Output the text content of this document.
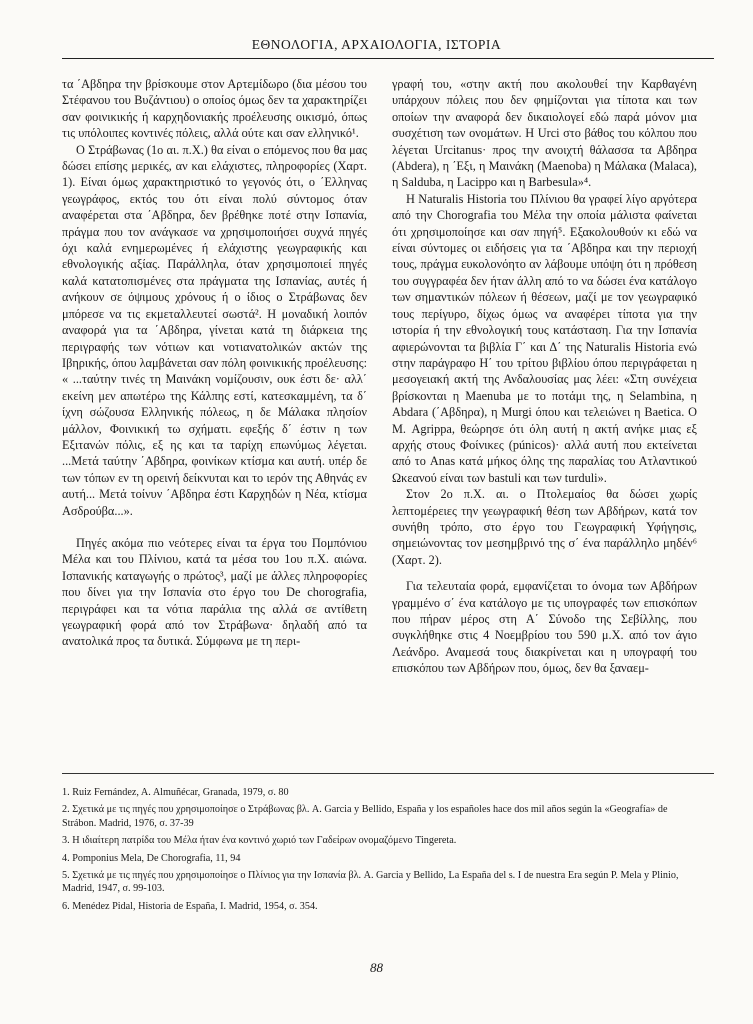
ΕΘΝΟΛΟΓΙΑ, ΑΡΧΑΙΟΛΟΓΙΑ, ΙΣΤΟΡΙΑ

τα ΄Αβδηρα την βρίσκουμε στον Αρτεμίδωρο (δια μέσου του Στέφανου του Βυζάντιου) ο οποίος όμως δεν τα χαρακτηρίζει σαν φοινικικής ή καρχηδονιακής προέλευσης οικισμό, όπως τις υπόλοιπες κοντινές πόλεις, αλλά ούτε και σαν ελληνικό¹.

Ο Στράβωνας (1ο αι. π.Χ.) θα είναι ο επόμενος που θα μας δώσει επίσης μερικές, αν και ελάχιστες, πληροφορίες (Χαρτ. 1). Είναι όμως χαρακτηριστικό το γεγονός ότι, ο ΄Ελληνας γεωγράφος, εκτός του ότι είναι πολύ σύντομος όταν αναφέρεται στα ΄Αβδηρα, δεν βρέθηκε ποτέ στην Ισπανία, πράγμα που τον ανάγκασε να χρησιμοποιήσει συχνά πηγές όχι καλά ενημερωμένες ή ελάχιστης γεωγραφικής και εθνολογικής αξίας. Παράλληλα, όταν χρησιμοποιεί πηγές καλά κατατοπισμένες στα πράγματα της Ισπανίας, αυτές ή ανήκουν σε όψιμους χρόνους ή ο ίδιος ο Στράβωνας δεν μπόρεσε να τις εκμεταλλευτεί σωστά². Η μοναδική λοιπόν αναφορά για τα ΄Αβδηρα, γίνεται κατά τη διάρκεια της περιγραφής των νότιων και νοτιανατολικών ακτών της Ιβηρικής, όπου λαμβάνεται σαν πόλη φοινικικής προέλευσης: « ...ταύτην τινές τη Μαινάκη νομίζουσιν, ουκ έστι δε· αλλ΄ εκείνη μεν απωτέρω της Κάλπης εστί, κατεσκαμμένη, τα δ΄ ίχνη σώζουσα Ελληνικής πόλεως, η δε Μάλακα πλησίον μάλλον, Φοινικική τω σχήματι. εφεξής δ΄ έστιν η των Εξιτανών πόλις, εξ ης και τα ταρίχη επωνύμως λέγεται. ...Μετά ταύτην ΄Αβδηρα, φοινίκων κτίσμα και αυτή. υπέρ δε των τόπων εν τη ορεινή δείκνυται και το ιερόν της Αθηνάς εν αυτή... Μετά τοίνυν ΄Αβδηρα έστι Καρχηδών η Νέα, κτίσμα Ασδρούβα...».

Πηγές ακόμα πιο νεότερες είναι τα έργα του Πομπόνιου Μέλα και του Πλίνιου, κατά τα μέσα του 1ου π.Χ. αιώνα. Ισπανικής καταγωγής ο πρώτος³, μαζί με άλλες πληροφορίες που δίνει για την Ισπανία στο έργο του De chorografia, περιγράφει και τα νότια παράλια της αλλά σε αντίθετη γεωγραφική φορά από τον Στράβωνα· δηλαδή από τα ανατολικά προς τα δυτικά. Σύμφωνα με τη περι-

γραφή του, «στην ακτή που ακολουθεί την Καρθαγένη υπάρχουν πόλεις που δεν φημίζονται για τίποτα και των οποίων την αναφορά δεν δικαιολογεί εδώ παρά μόνον μια συσχέτιση των ονομάτων. Η Urci στο βάθος του κόλπου που λέγεται Urcitanus· προς την ανοιχτή θάλασσα τα Αβδηρα (Abdera), η ΄Εξι, η Μαινάκη (Maenoba) η Μάλακα (Malaca), η Salduba, η Lacippo και η Barbesula»⁴.

Η Naturalis Historia του Πλίνιου θα γραφεί λίγο αργότερα από την Chorografia του Μέλα την οποία μάλιστα φαίνεται ότι χρησιμοποίησε και σαν πηγή⁵. Εξακολουθούν κι εδώ να είναι σύντομες οι ειδήσεις για τα ΄Αβδηρα και την περιοχή τους, πράγμα ευκολονόητο αν λάβουμε υπόψη ότι η πρόθεση του συγγραφέα δεν ήταν άλλη από το να δώσει ένα κατάλογο των σημαντικών πόλεων ή θέσεων, μαζί με τον γεωγραφικό τους περίγυρο, δίχως όμως να αναφέρει τίποτα για την ιστορία ή την εθνολογική τους κατάσταση. Για την Ισπανία αφιερώνονται τα βιβλία Γ΄ και Δ΄ της Naturalis Historia ενώ στην παράγραφο Η΄ του τρίτου βιβλίου όπου περιγράφεται η μεσογειακή ακτή της Ανδαλουσίας μας λέει: «Στη συνέχεια βρίσκονται η Maenuba με το ποτάμι της, η Selambina, η Abdara (΄Αβδηρα), η Murgi όπου και τελειώνει η Baetica. Ο Μ. Agrippa, θεώρησε ότι όλη αυτή η ακτή ανήκε μιας εξ αρχής στους Φοίνικες (púnicos)· αλλά αυτή που εκτείνεται από το Anas κατά μήκος όλης της παραλίας του Ατλαντικού Ωκεανού είναι των bastuli και των turduli».

Στον 2ο π.Χ. αι. ο Πτολεμαίος θα δώσει χωρίς λεπτομέρειες την γεωγραφική θέση των Αβδήρων, κατά τον συνήθη τρόπο, στο έργο του Γεωγραφική Υφήγησις, σημειώνοντας τον μεσημβρινό της σ΄ ένα παράλληλο μηδέν⁶ (Χαρτ. 2).

Για τελευταία φορά, εμφανίζεται το όνομα των Αβδήρων γραμμένο σ΄ ένα κατάλογο με τις υπογραφές των επισκόπων που πήραν μέρος στη Α΄ Σύνοδο της Σεβίλλης, που συγκλήθηκε στις 4 Νοεμβρίου του 590 μ.Χ. από τον άγιο Λεάνδρο. Αναμεσά τους διακρίνεται και η υπογραφή του επισκόπου των Αβδήρων που, όμως, δεν θα ξαναεμ-

1. Ruiz Fernández, A. Almuñécar, Granada, 1979, σ. 80
2. Σχετικά με τις πηγές που χρησιμοποίησε ο Στράβωνας βλ. A. Garcia y Bellido, España y los españoles hace dos mil años según la «Geografía» de Strábon. Madrid, 1976, σ. 37-39
3. Η ιδιαίτερη πατρίδα του Μέλα ήταν ένα κοντινό χωριό των Γαδείρων ονομαζόμενο Tingereta.
4. Pomponius Mela, De Chorografia, 11, 94
5. Σχετικά με τις πηγές που χρησιμοποίησε ο Πλίνιος για την Ισπανία βλ. A. Garcia y Bellido, La España del s. I de nuestra Era según P. Mela y Plinio, Madrid, 1947, σ. 99-103.
6. Menédez Pidal, Historia de España, I. Madrid, 1954, σ. 354.
88
